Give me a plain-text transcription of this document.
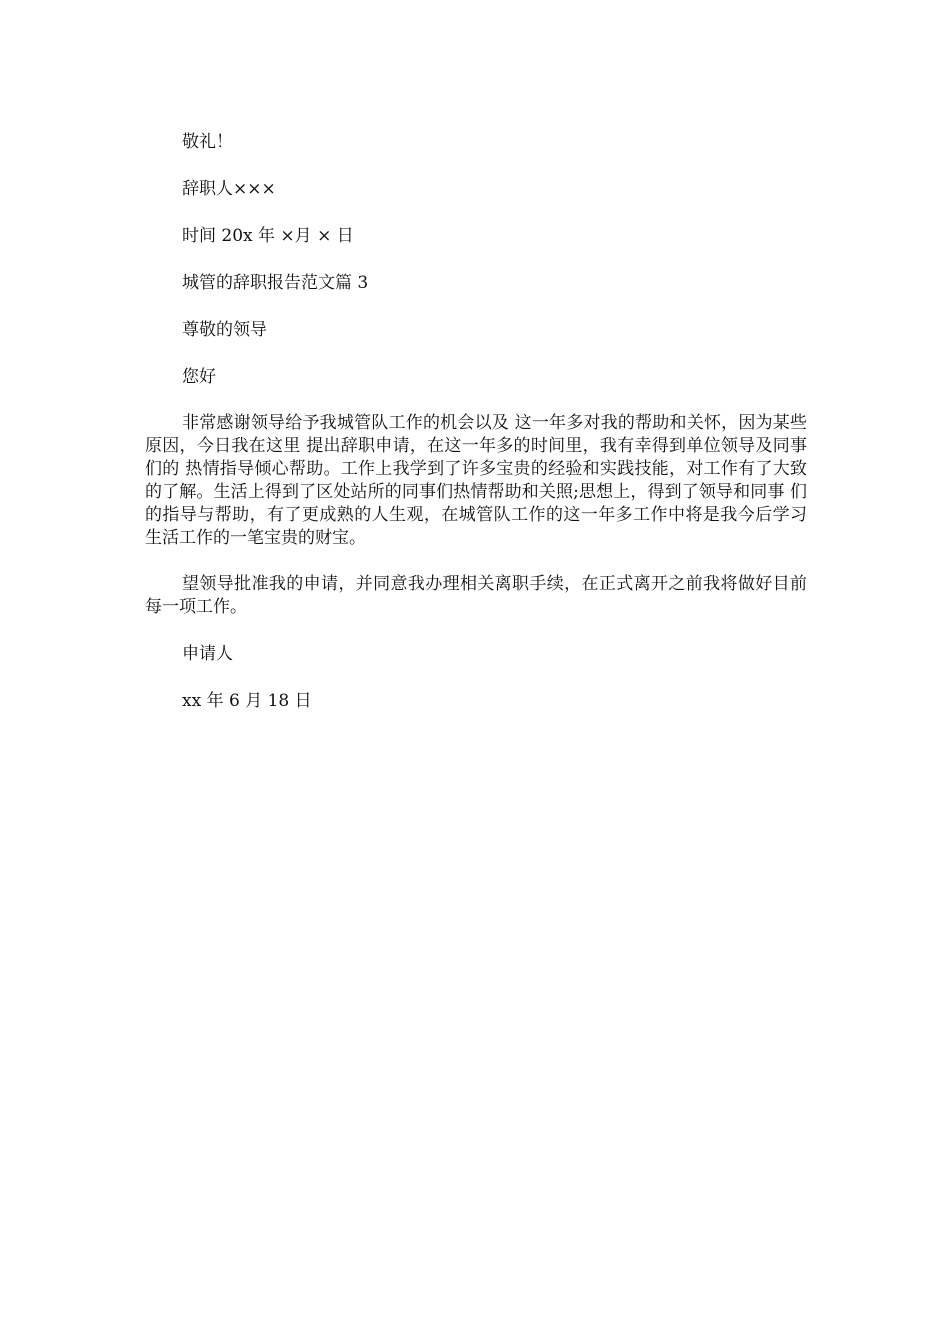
敬礼！

辞职人×××

时间 20x 年 ×月 × 日

城管的辞职报告范文篇 3

尊敬的领导

您好

非常感谢领导给予我城管队工作的机会以及 这一年多对我的帮助和关怀，因为某些原因，今日我在这里 提出辞职申请，在这一年多的时间里，我有幸得到单位领导及同事们的 热情指导倾心帮助。工作上我学到了许多宝贵的经验和实践技能，对工作有了大致的了解。生活上得到了区处站所的同事们热情帮助和关照;思想上，得到了领导和同事 们的指导与帮助，有了更成熟的人生观，在城管队工作的这一年多工作中将是我今后学习生活工作的一笔宝贵的财宝。

望领导批准我的申请，并同意我办理相关离职手续，在正式离开之前我将做好目前每一项工作。

申请人

xx 年 6 月 18 日
